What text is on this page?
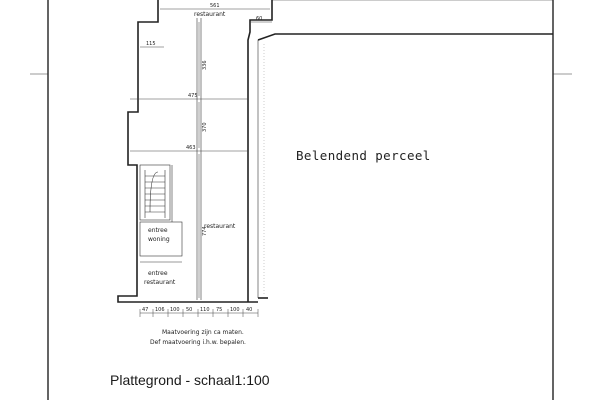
561
60
115
475
463
336
370
774
47 106 100 50 110 75 100 40
restaurant
restaurant
entree
woning
entree
restaurant
Maatvoering zijn ca maten.
Def maatvoering i.h.w. bepalen.
Belendend perceel
Plattegrond - schaal1:100
